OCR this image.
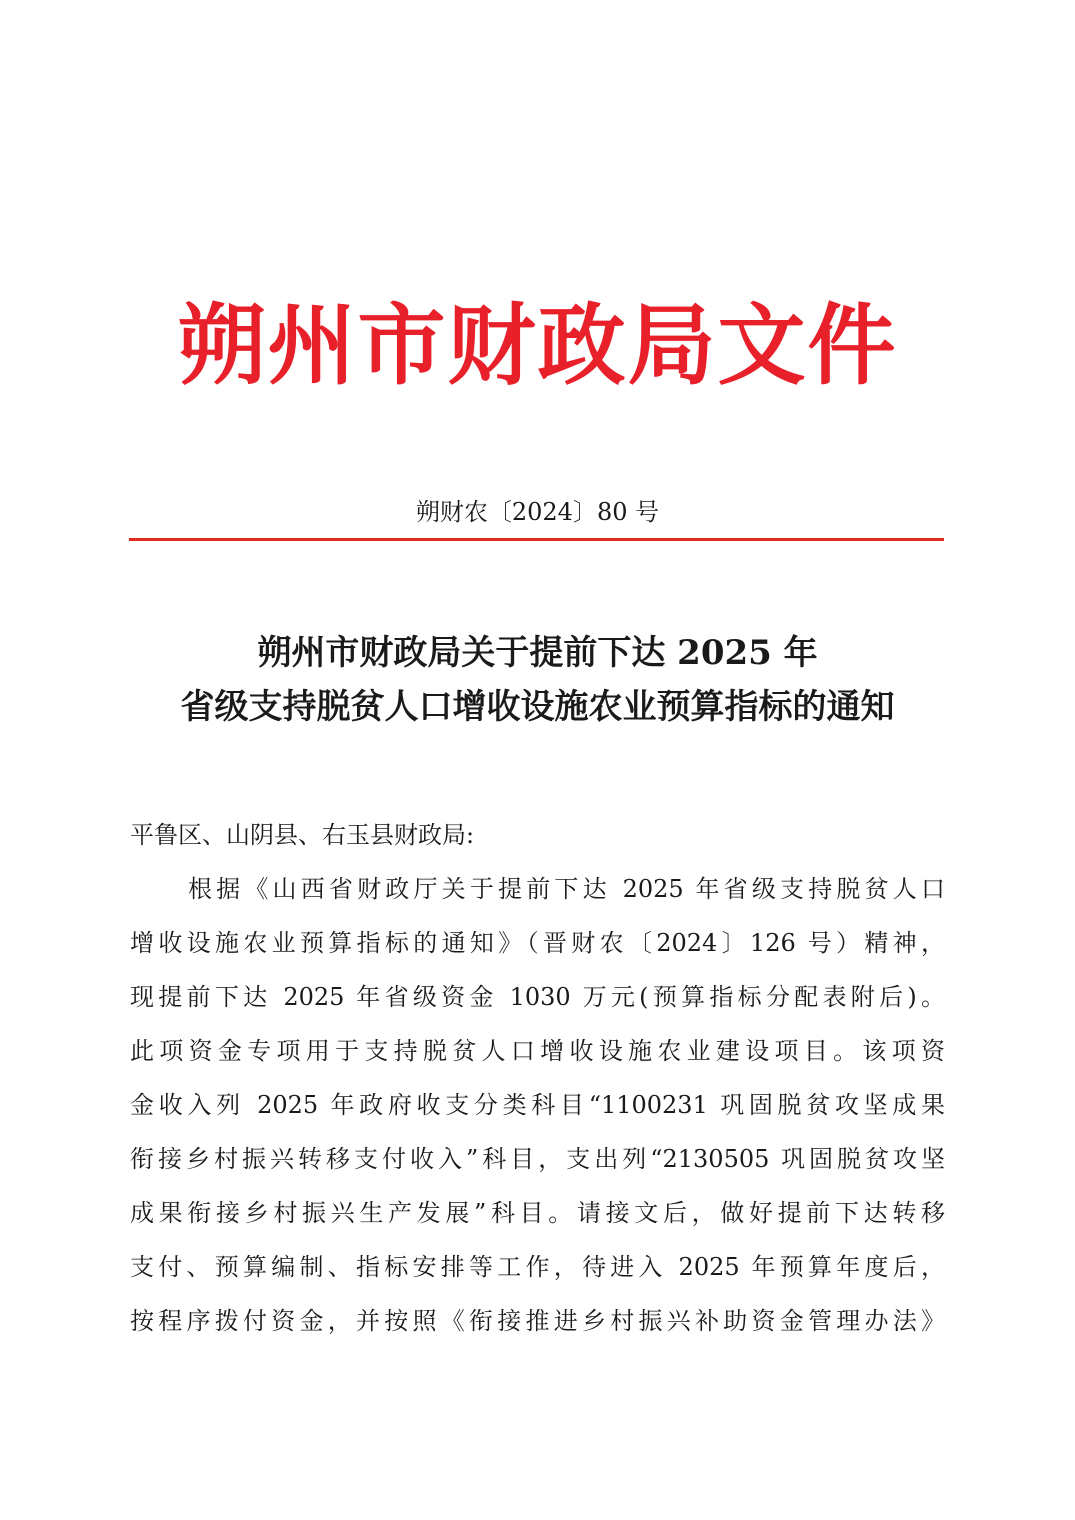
朔州市财政局文件
朔财农〔2024〕80 号
朔州市财政局关于提前下达 2025 年
省级支持脱贫人口增收设施农业预算指标的通知
平鲁区、山阴县、右玉县财政局:
根据《山西省财政厅关于提前下达 2025 年省级支持脱贫人口
增收设施农业预算指标的通知》（晋财农〔2024〕126 号）精神，
现提前下达 2025 年省级资金 1030 万元(预算指标分配表附后)。
此项资金专项用于支持脱贫人口增收设施农业建设项目。该项资
金收入列 2025 年政府收支分类科目“1100231 巩固脱贫攻坚成果
衔接乡村振兴转移支付收入”科目，支出列“2130505 巩固脱贫攻坚
成果衔接乡村振兴生产发展”科目。请接文后，做好提前下达转移
支付、预算编制、指标安排等工作，待进入 2025 年预算年度后，
按程序拨付资金，并按照《衔接推进乡村振兴补助资金管理办法》
